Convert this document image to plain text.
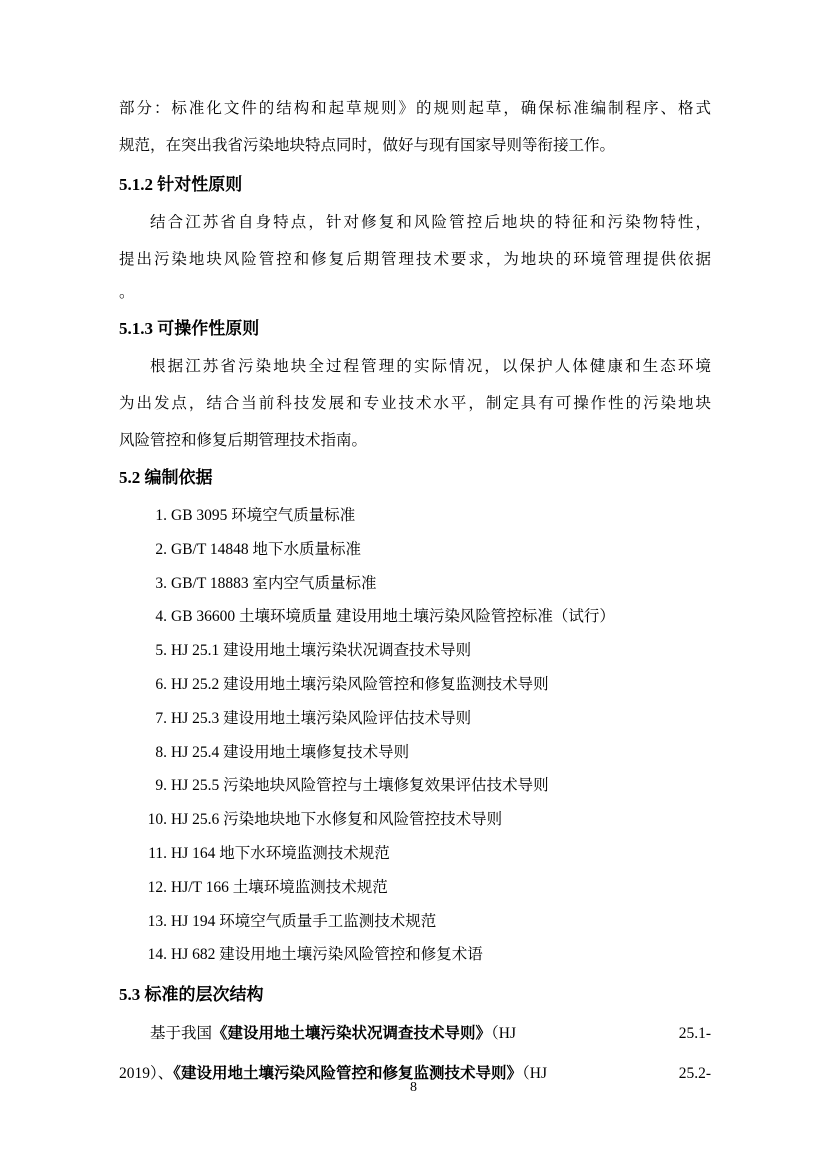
部分：标准化文件的结构和起草规则》的规则起草，确保标准编制程序、格式
规范，在突出我省污染地块特点同时，做好与现有国家导则等衔接工作。
5.1.2 针对性原则
结合江苏省自身特点，针对修复和风险管控后地块的特征和污染物特性，
提出污染地块风险管控和修复后期管理技术要求，为地块的环境管理提供依据
。
5.1.3 可操作性原则
根据江苏省污染地块全过程管理的实际情况，以保护人体健康和生态环境
为出发点，结合当前科技发展和专业技术水平，制定具有可操作性的污染地块
风险管控和修复后期管理技术指南。
5.2 编制依据
1. GB 3095 环境空气质量标准
2. GB/T 14848 地下水质量标准
3. GB/T 18883 室内空气质量标准
4. GB 36600 土壤环境质量 建设用地土壤污染风险管控标准（试行）
5. HJ 25.1 建设用地土壤污染状况调查技术导则
6. HJ 25.2 建设用地土壤污染风险管控和修复监测技术导则
7. HJ 25.3 建设用地土壤污染风险评估技术导则
8. HJ 25.4 建设用地土壤修复技术导则
9. HJ 25.5 污染地块风险管控与土壤修复效果评估技术导则
10. HJ 25.6 污染地块地下水修复和风险管控技术导则
11. HJ 164 地下水环境监测技术规范
12. HJ/T 166 土壤环境监测技术规范
13. HJ 194 环境空气质量手工监测技术规范
14. HJ 682 建设用地土壤污染风险管控和修复术语
5.3 标准的层次结构
基于我国《建设用地土壤污染状况调查技术导则》（HJ	25.1-
2019）、《建设用地土壤污染风险管控和修复监测技术导则》（HJ	25.2-
8
